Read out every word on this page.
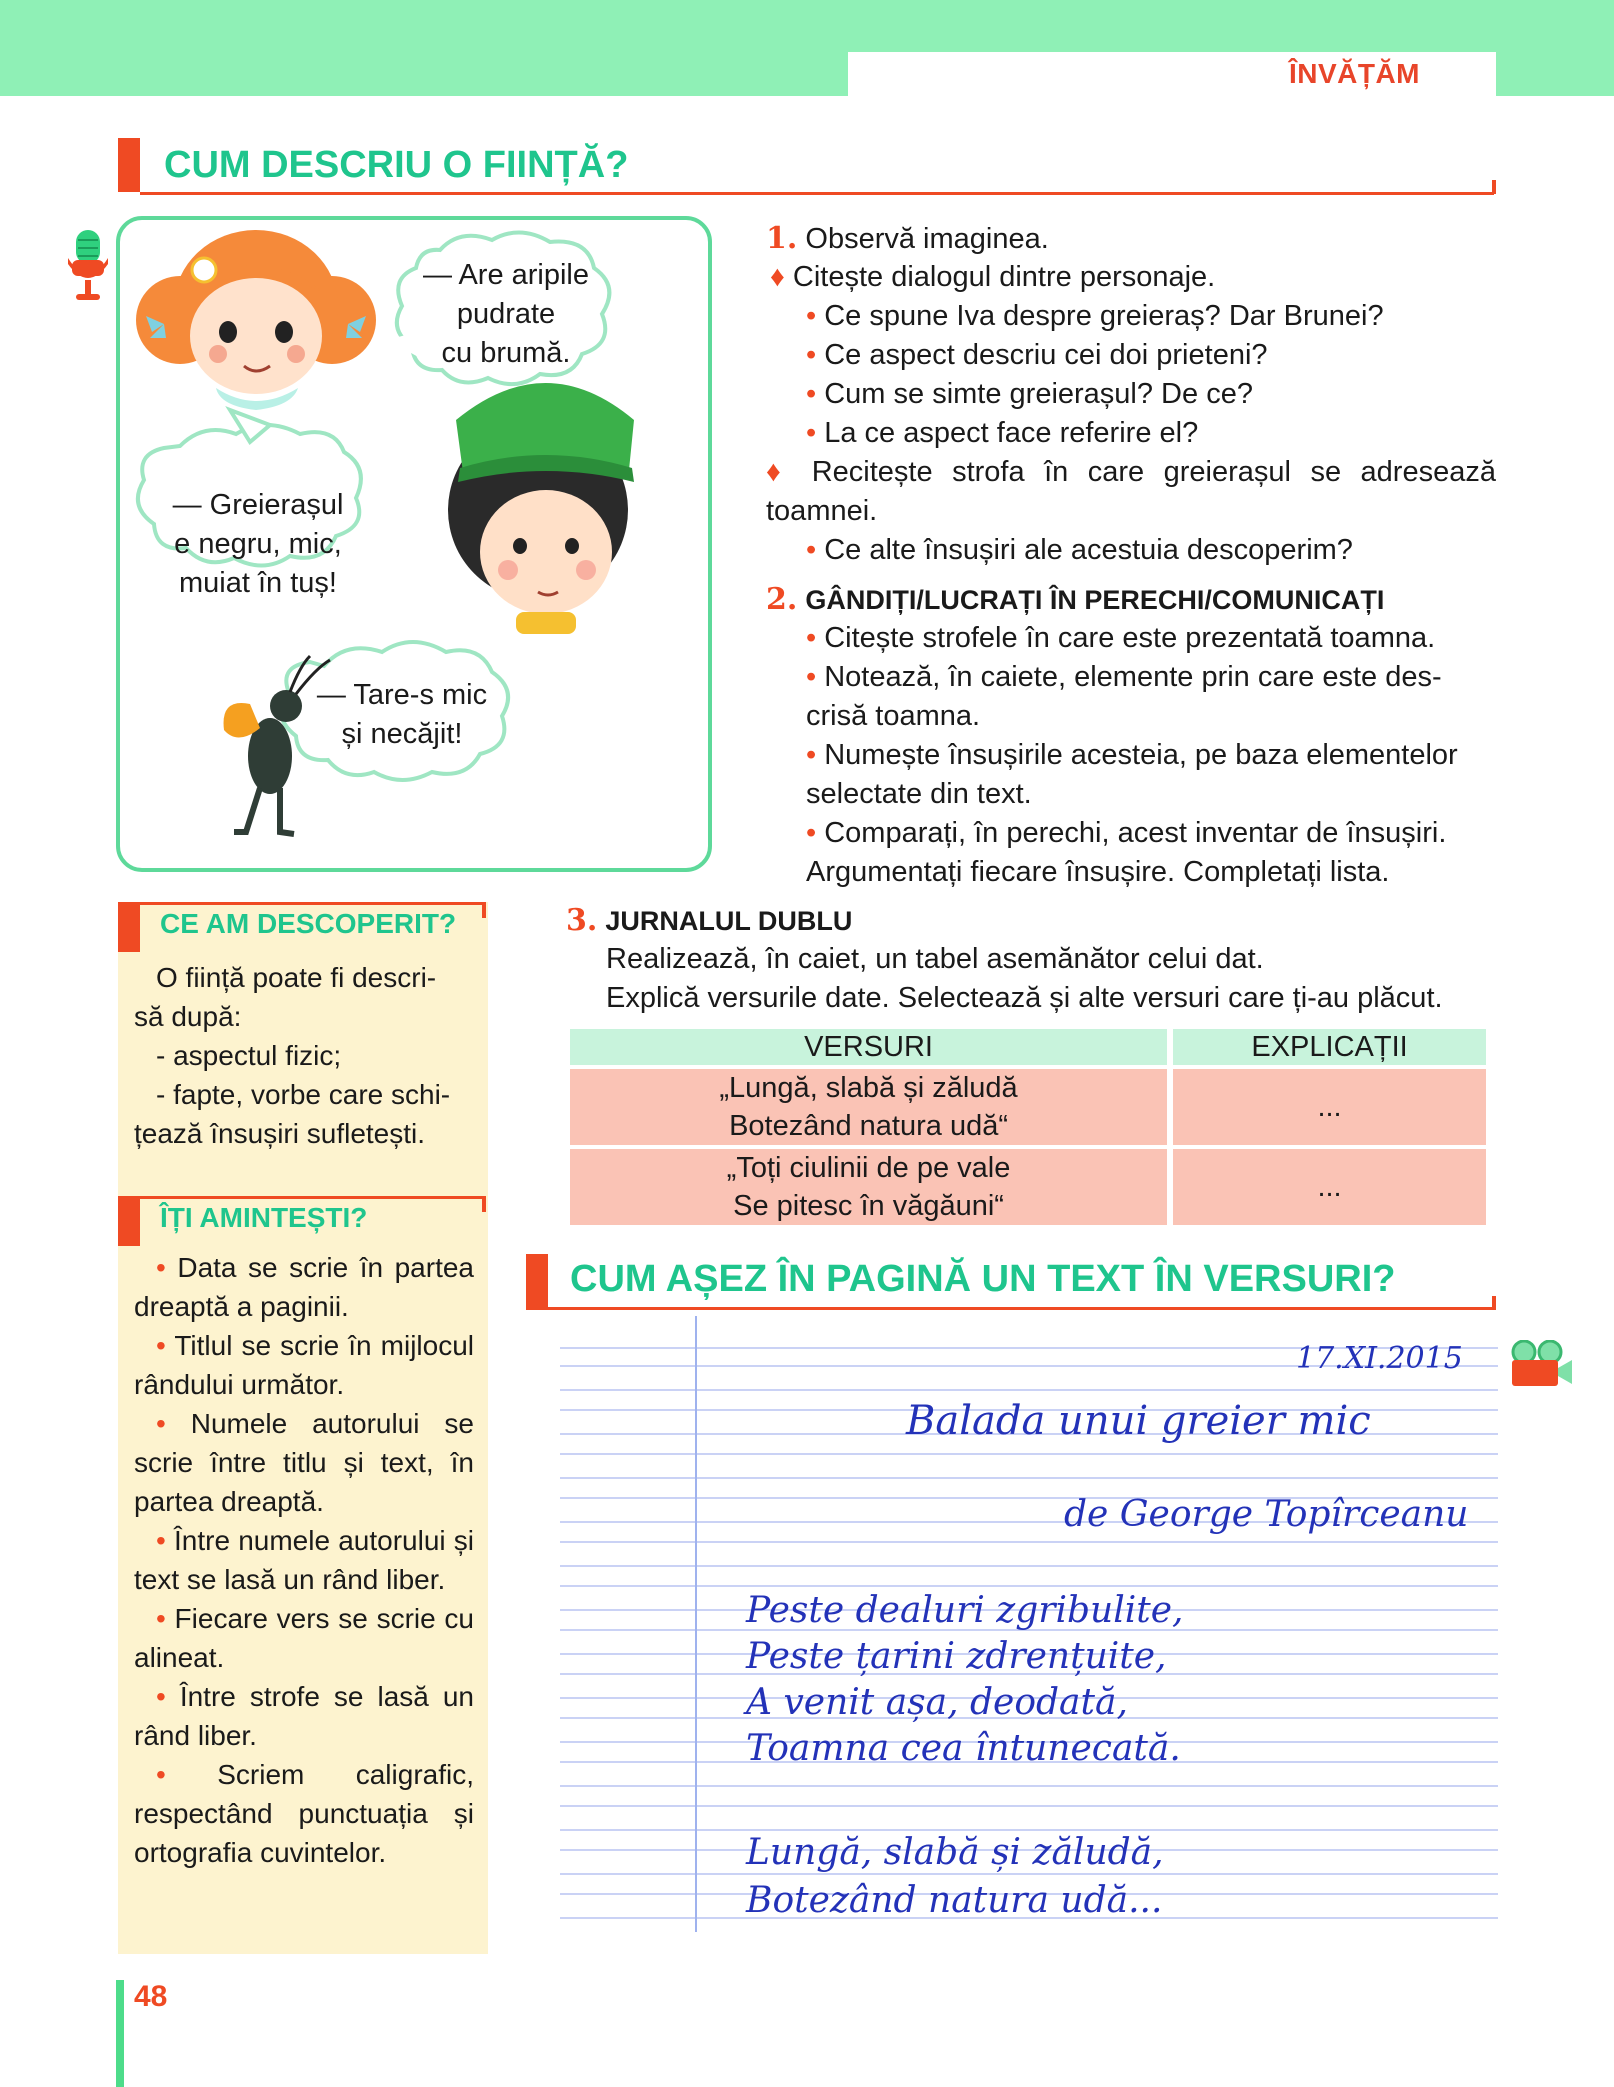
ÎNVĂȚĂM
CUM DESCRIU O FIINȚĂ?
— Are aripile
pudrate
cu brumă.
— Greierașul
e negru, mic,
muiat în tuș!
— Tare-s mic
și necăjit!
1. Observă imaginea.
♦ Citește dialogul dintre personaje.
• Ce spune Iva despre greieraș? Dar Brunei?
• Ce aspect descriu cei doi prieteni?
• Cum se simte greierașul? De ce?
• La ce aspect face referire el?
♦ Recitește strofa în care greierașul se adresează
toamnei.
• Ce alte însușiri ale acestuia descoperim?
2. GÂNDIȚI/LUCRAȚI ÎN PERECHI/COMUNICAȚI
• Citește strofele în care este prezentată toamna.
• Notează, în caiete, elemente prin care este des-
crisă toamna.
• Numește însușirile acesteia, pe baza elementelor
selectate din text.
• Comparați, în perechi, acest inventar de însușiri.
Argumentați fiecare însușire. Completați lista.
3. JURNALUL DUBLU
Realizează, în caiet, un tabel asemănător celui dat.
Explică versurile date. Selectează și alte versuri care ți-au plăcut.
VERSURI	EXPLICAȚII

„Lungă, slabă și zăludă
Botezând natura udă“	...

„Toți ciulinii de pe vale
Se pitesc în văgăuni“	...
CUM AȘEZ ÎN PAGINĂ UN TEXT ÎN VERSURI?
17.XI.2015
Balada unui greier mic
de George Topîrceanu
Peste dealuri zgribulite,
Peste țarini zdrențuite,
A venit așa, deodată,
Toamna cea întunecată.
Lungă, slabă și zăludă,
Botezând natura udă...
CE AM DESCOPERIT?

O ființă poate fi descri-

să după:

- aspectul fizic;

- fapte, vorbe care schi-

țează însușiri sufletești.

ÎȚI AMINTEȘTI?

• Data se scrie în partea dreaptă a paginii.

• Titlul se scrie în mijlocul rândului următor.

• Numele autorului se scrie între titlu și text, în partea dreaptă.

• Între numele autorului și text se lasă un rând liber.

• Fiecare vers se scrie cu alineat.

• Între strofe se lasă un rând liber.

• Scriem caligrafic, respectând punctuația și ortografia cuvintelor.

48
